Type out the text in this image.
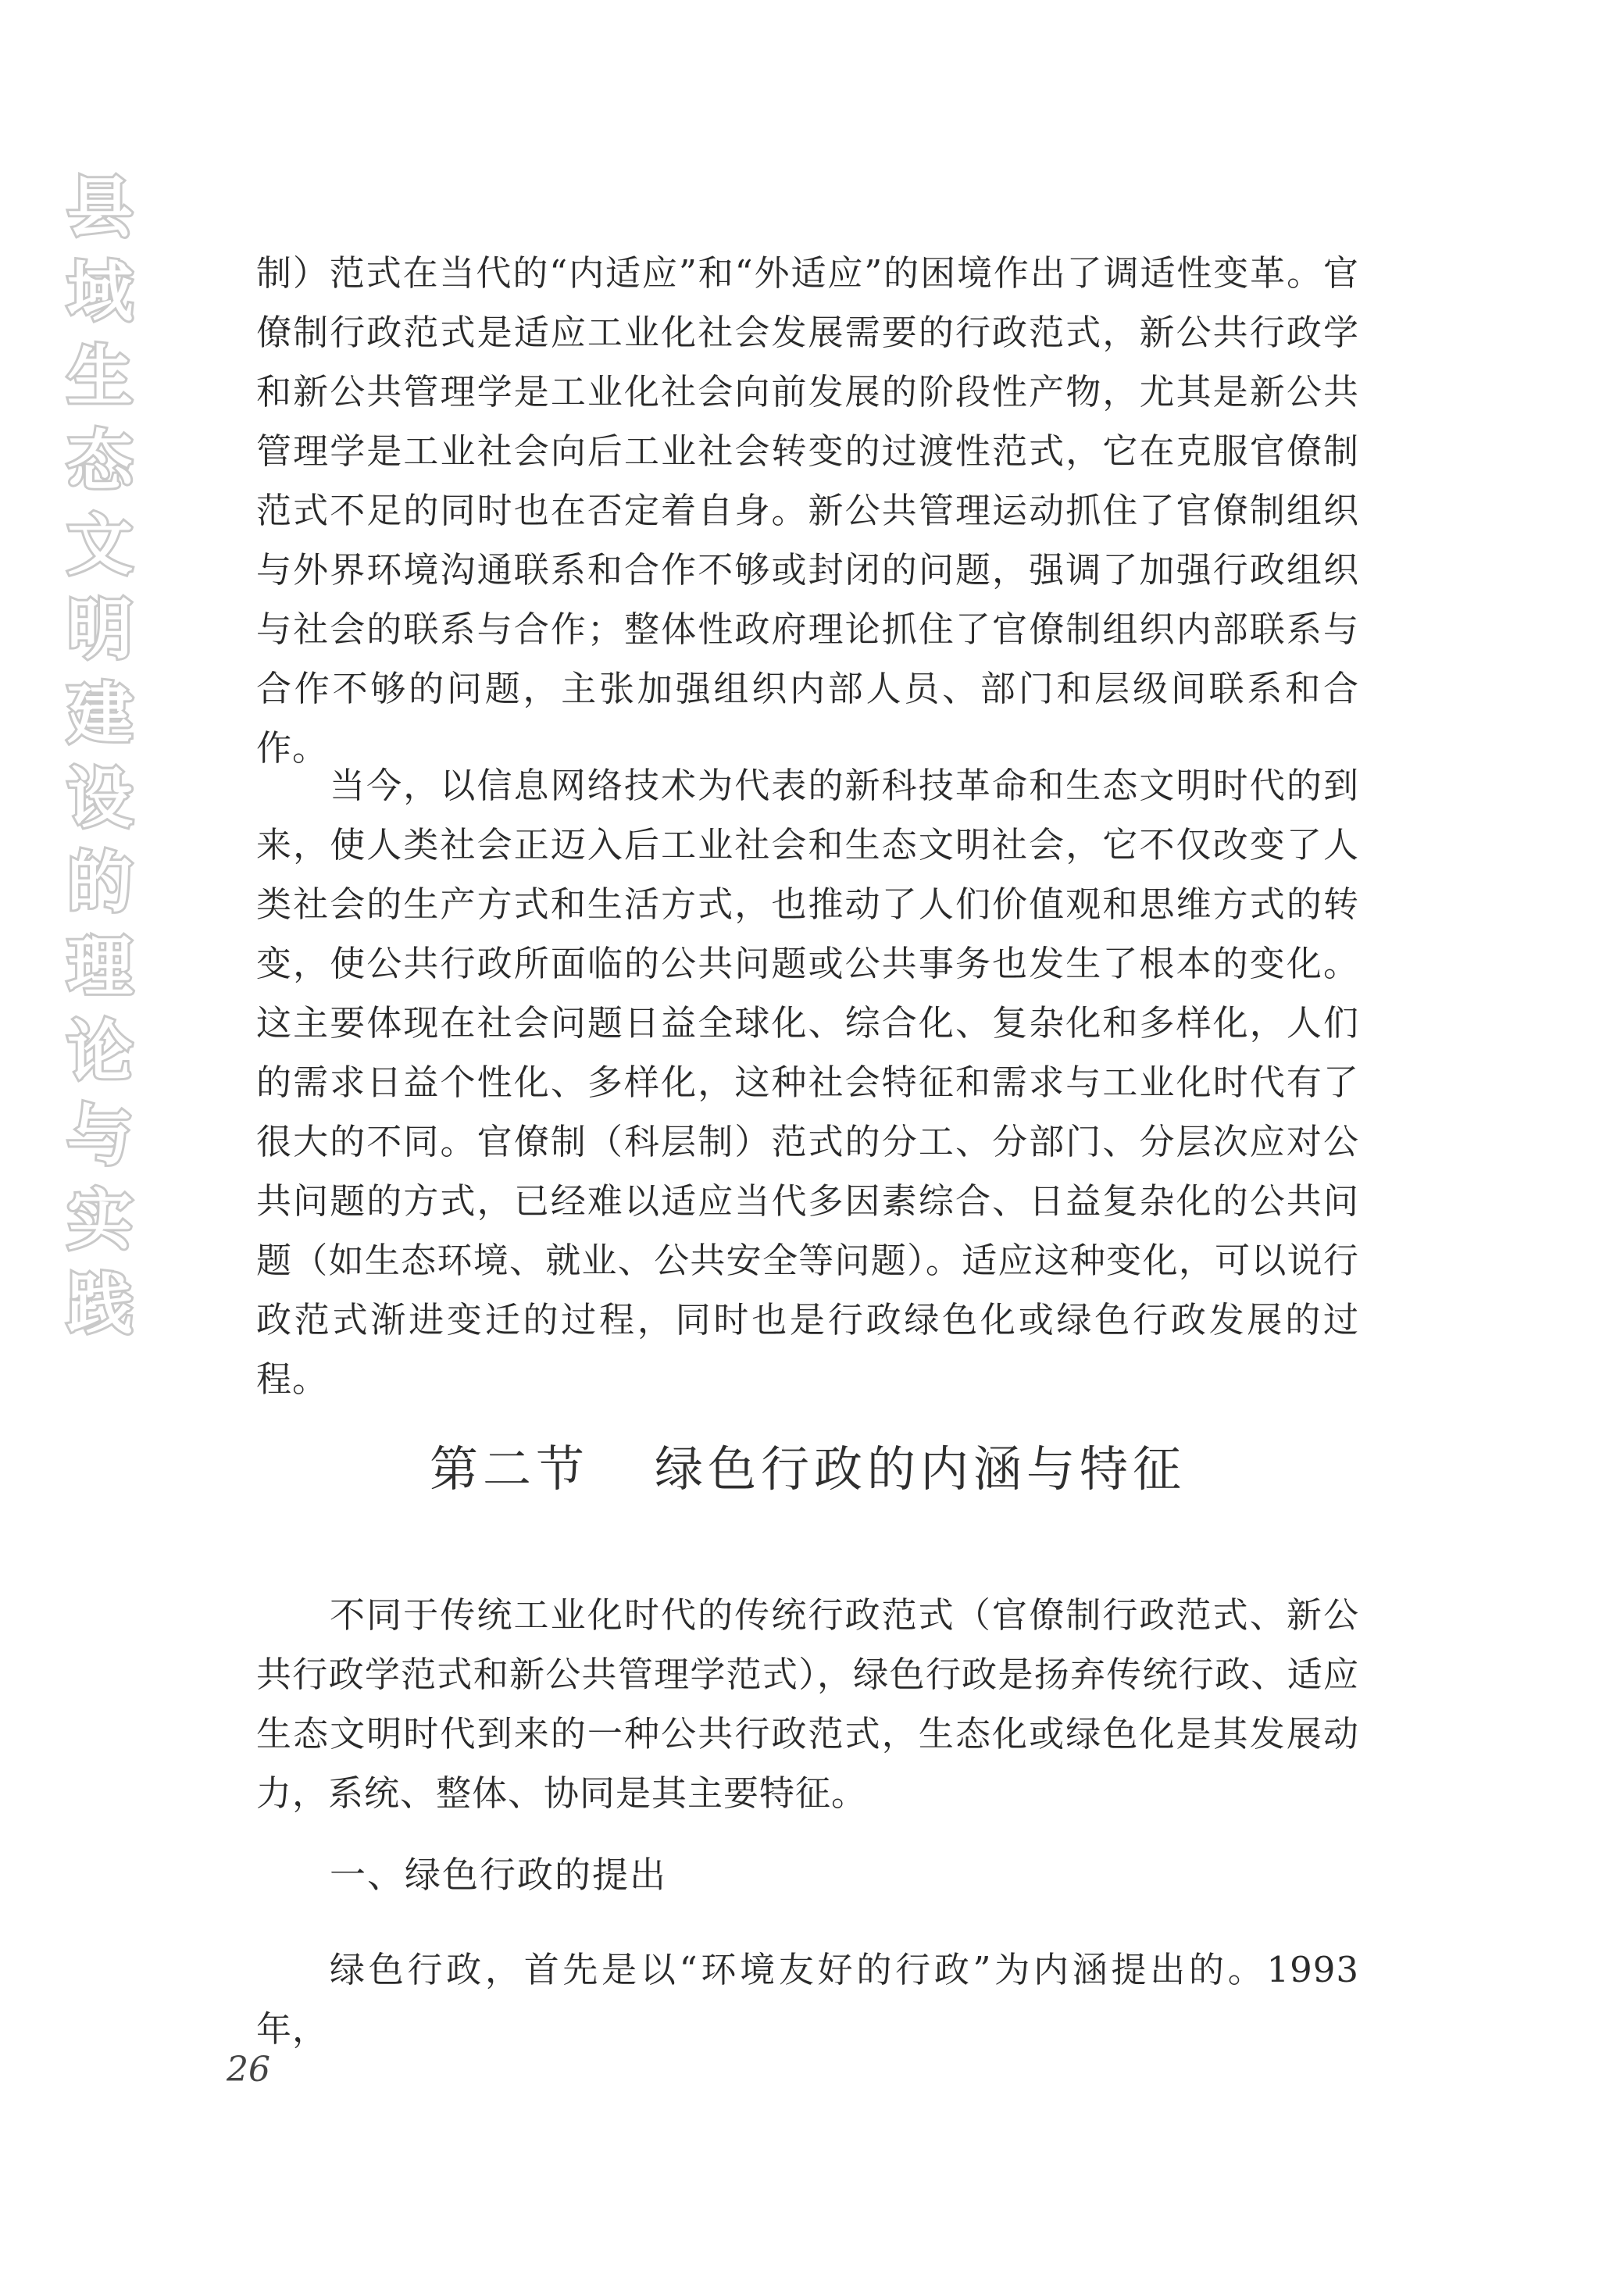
县
域
生
态
文
明
建
设
的
理
论
与
实
践

制）范式在当代的“内适应”和“外适应”的困境作出了调适性变革。官僚制行政范式是适应工业化社会发展需要的行政范式，新公共行政学和新公共管理学是工业化社会向前发展的阶段性产物，尤其是新公共管理学是工业社会向后工业社会转变的过渡性范式，它在克服官僚制范式不足的同时也在否定着自身。新公共管理运动抓住了官僚制组织与外界环境沟通联系和合作不够或封闭的问题，强调了加强行政组织与社会的联系与合作；整体性政府理论抓住了官僚制组织内部联系与合作不够的问题，主张加强组织内部人员、部门和层级间联系和合作。

当今，以信息网络技术为代表的新科技革命和生态文明时代的到来，使人类社会正迈入后工业社会和生态文明社会，它不仅改变了人类社会的生产方式和生活方式，也推动了人们价值观和思维方式的转变，使公共行政所面临的公共问题或公共事务也发生了根本的变化。这主要体现在社会问题日益全球化、综合化、复杂化和多样化，人们的需求日益个性化、多样化，这种社会特征和需求与工业化时代有了很大的不同。官僚制（科层制）范式的分工、分部门、分层次应对公共问题的方式，已经难以适应当代多因素综合、日益复杂化的公共问题（如生态环境、就业、公共安全等问题）。适应这种变化，可以说行政范式渐进变迁的过程，同时也是行政绿色化或绿色行政发展的过程。

第二节 绿色行政的内涵与特征

不同于传统工业化时代的传统行政范式（官僚制行政范式、新公共行政学范式和新公共管理学范式），绿色行政是扬弃传统行政、适应生态文明时代到来的一种公共行政范式，生态化或绿色化是其发展动力，系统、整体、协同是其主要特征。

一、绿色行政的提出

绿色行政，首先是以“环境友好的行政”为内涵提出的。1993 年，

26
